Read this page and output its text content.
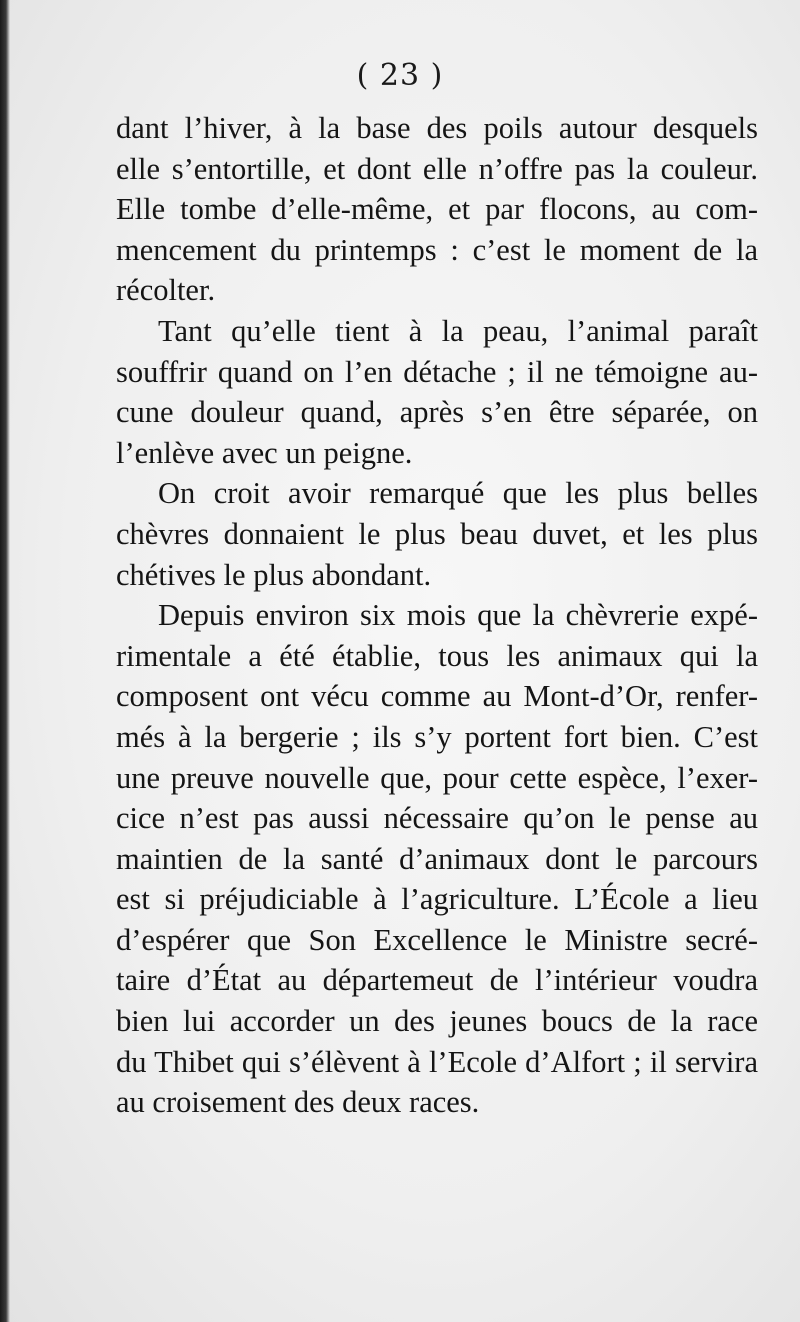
( 23 )

dant l’hiver, à la base des poils autour desquels
elle s’entortille, et dont elle n’offre pas la couleur.
Elle tombe d’elle-même, et par flocons, au com-
mencement du printemps : c’est le moment de la
récolter.

Tant qu’elle tient à la peau, l’animal paraît
souffrir quand on l’en détache ; il ne témoigne au-
cune douleur quand, après s’en être séparée, on
l’enlève avec un peigne.

On croit avoir remarqué que les plus belles
chèvres donnaient le plus beau duvet, et les plus
chétives le plus abondant.

Depuis environ six mois que la chèvrerie expé-
rimentale a été établie, tous les animaux qui la
composent ont vécu comme au Mont-d’Or, renfer-
més à la bergerie ; ils s’y portent fort bien. C’est
une preuve nouvelle que, pour cette espèce, l’exer-
cice n’est pas aussi nécessaire qu’on le pense au
maintien de la santé d’animaux dont le parcours
est si préjudiciable à l’agriculture. L’École a lieu
d’espérer que Son Excellence le Ministre secré-
taire d’État au départemeut de l’intérieur voudra
bien lui accorder un des jeunes boucs de la race
du Thibet qui s’élèvent à l’Ecole d’Alfort ; il servira
au croisement des deux races.
